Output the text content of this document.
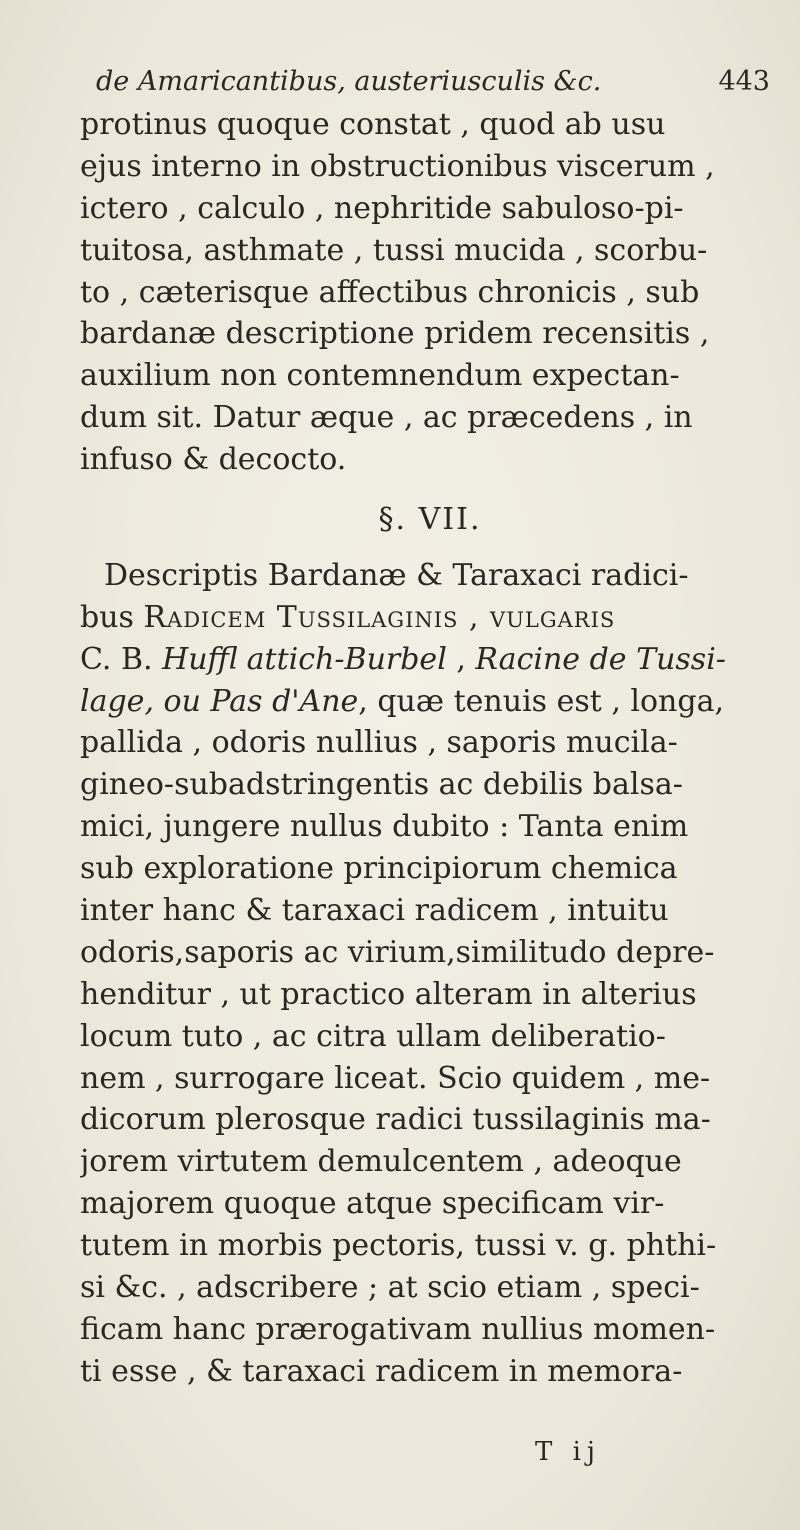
de Amaricantibus, austeriusculis &c.	443
protinus quoque constat , quod ab usu
ejus interno in obstructionibus viscerum ,
ictero , calculo , nephritide sabuloso-pi-
tuitosa, asthmate , tussi mucida , scorbu-
to , cæterisque affectibus chronicis , sub
bardanæ descriptione pridem recensitis ,
auxilium non contemnendum expectan-
dum sit. Datur æque , ac præcedens , in
infuso & decocto.
§. VII.
Descriptis Bardanæ & Taraxaci radici-
bus Radicem Tussilaginis , vulgaris
C. B. Huffl attich-Burbel , Racine de Tussi-
lage, ou Pas d'Ane, quæ tenuis est , longa,
pallida , odoris nullius , saporis mucila-
gineo-subadstringentis ac debilis balsa-
mici, jungere nullus dubito : Tanta enim
sub exploratione principiorum chemica
inter hanc & taraxaci radicem , intuitu
odoris,saporis ac virium,similitudo depre-
henditur , ut practico alteram in alterius
locum tuto , ac citra ullam deliberatio-
nem , surrogare liceat. Scio quidem , me-
dicorum plerosque radici tussilaginis ma-
jorem virtutem demulcentem , adeoque
majorem quoque atque specificam vir-
tutem in morbis pectoris, tussi v. g. phthi-
si &c. , adscribere ; at scio etiam , speci-
ficam hanc prærogativam nullius momen-
ti esse , & taraxaci radicem in memora-
T ij
